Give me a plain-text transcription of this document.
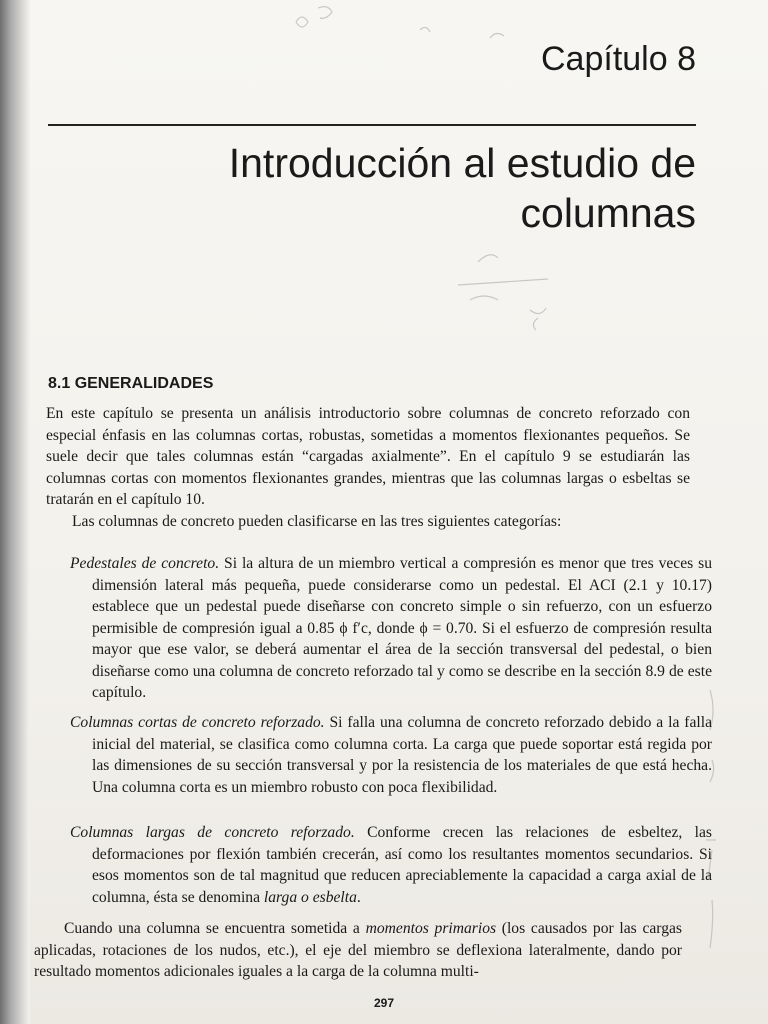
Capítulo 8
Introducción al estudio de
columnas
8.1 GENERALIDADES
En este capítulo se presenta un análisis introductorio sobre columnas de concreto reforzado con especial énfasis en las columnas cortas, robustas, sometidas a momentos flexionantes pequeños. Se suele decir que tales columnas están “cargadas axialmente”. En el capítulo 9 se estudiarán las columnas cortas con momentos flexionantes grandes, mientras que las columnas largas o esbeltas se tratarán en el capítulo 10.
Las columnas de concreto pueden clasificarse en las tres siguientes categorías:
Pedestales de concreto. Si la altura de un miembro vertical a compresión es menor que tres veces su dimensión lateral más pequeña, puede considerarse como un pedestal. El ACI (2.1 y 10.17) establece que un pedestal puede diseñarse con concreto simple o sin refuerzo, con un esfuerzo permisible de compresión igual a 0.85 ϕ f′c, donde ϕ = 0.70. Si el esfuerzo de compresión resulta mayor que ese valor, se deberá aumentar el área de la sección transversal del pedestal, o bien diseñarse como una columna de concreto reforzado tal y como se describe en la sección 8.9 de este capítulo.
Columnas cortas de concreto reforzado. Si falla una columna de concreto reforzado debido a la falla inicial del material, se clasifica como columna corta. La carga que puede soportar está regida por las dimensiones de su sección transversal y por la resistencia de los materiales de que está hecha. Una columna corta es un miembro robusto con poca flexibilidad.
Columnas largas de concreto reforzado. Conforme crecen las relaciones de esbeltez, las deformaciones por flexión también crecerán, así como los resultantes momentos secundarios. Si esos momentos son de tal magnitud que reducen apreciablemente la capacidad a carga axial de la columna, ésta se denomina larga o esbelta.
Cuando una columna se encuentra sometida a momentos primarios (los causados por las cargas aplicadas, rotaciones de los nudos, etc.), el eje del miembro se deflexiona lateralmente, dando por resultado momentos adicionales iguales a la carga de la columna multi-
297
